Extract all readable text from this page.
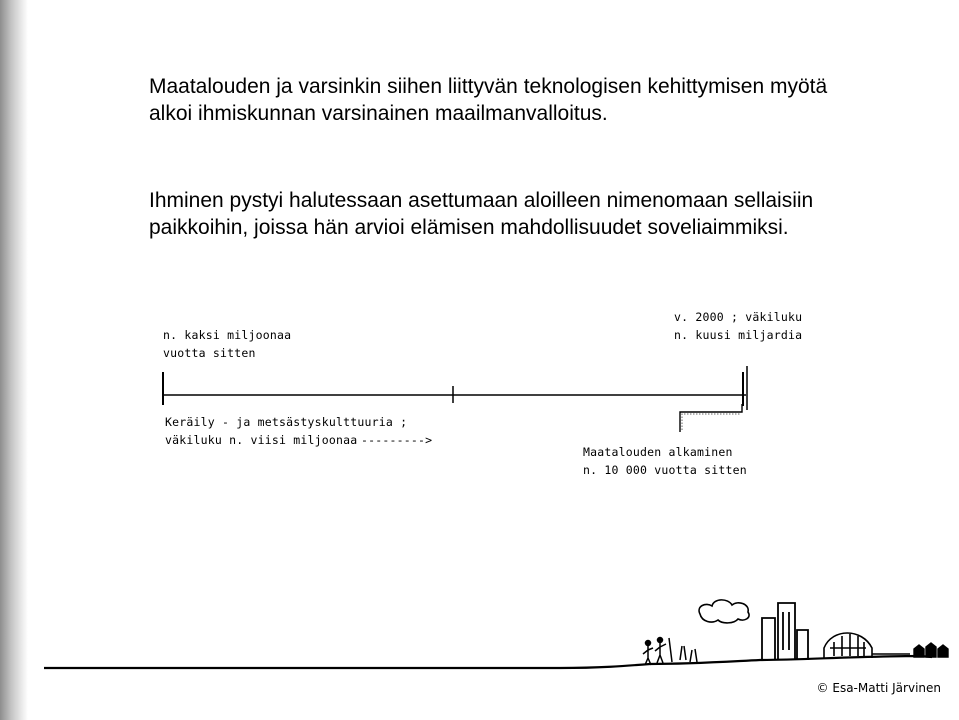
Maatalouden ja varsinkin siihen liittyvän teknologisen kehittymisen myötä alkoi ihmiskunnan varsinainen maailmanvalloitus.

Ihminen pystyi halutessaan asettumaan aloilleen nimenomaan sellaisiin paikkoihin, joissa hän arvioi elämisen mahdollisuudet soveliaimmiksi.

n. kaksi miljoonaa
vuotta sitten
v. 2000 ; väkiluku
n. kuusi miljardia
Keräily - ja metsästyskulttuuria ;
väkiluku n. viisi miljoonaa --------->
Maatalouden alkaminen
n. 10 000 vuotta sitten
© Esa-Matti Järvinen
